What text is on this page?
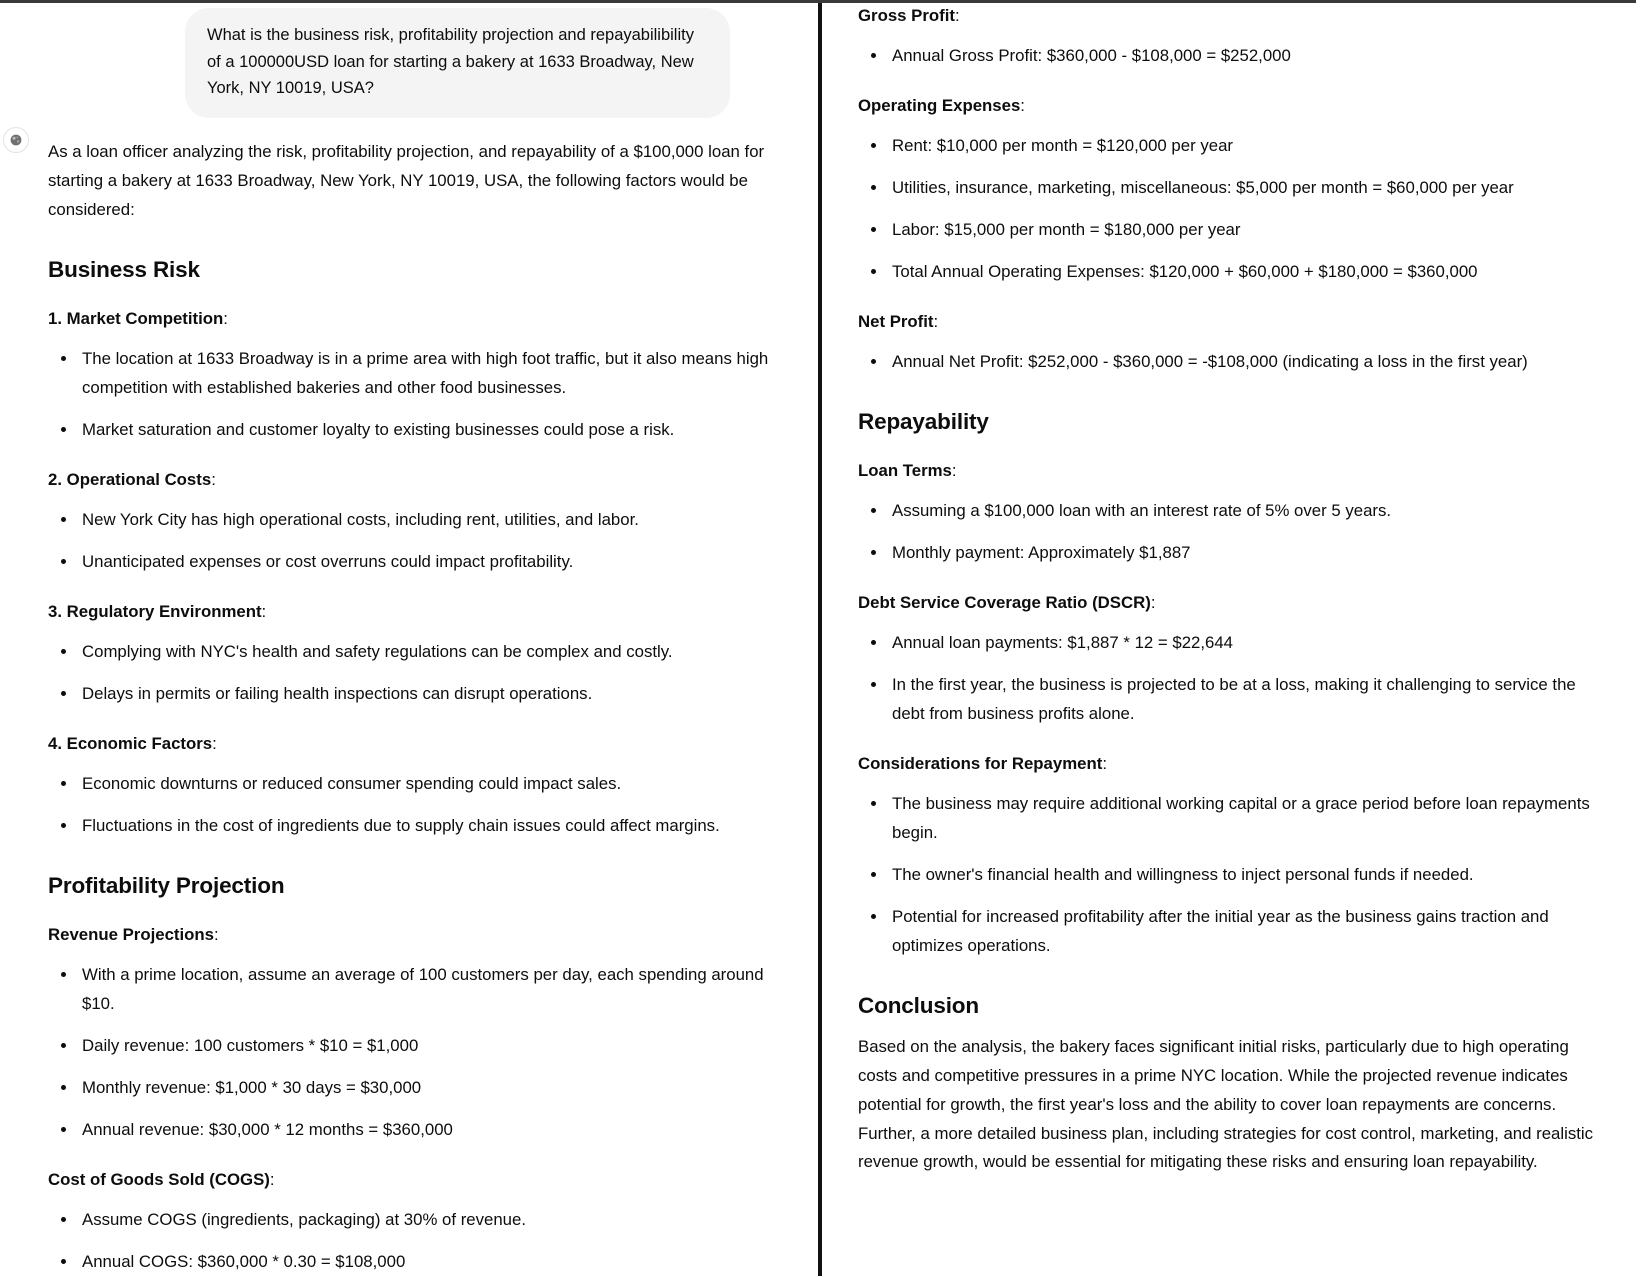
What is the business risk, profitability projection and repayabilibility of a 100000USD loan for starting a bakery at 1633 Broadway, New York, NY 10019, USA?

As a loan officer analyzing the risk, profitability projection, and repayability of a $100,000 loan for starting a bakery at 1633 Broadway, New York, NY 10019, USA, the following factors would be considered:

Business Risk
1. Market Competition:
The location at 1633 Broadway is in a prime area with high foot traffic, but it also means high competition with established bakeries and other food businesses.
Market saturation and customer loyalty to existing businesses could pose a risk.
2. Operational Costs:
New York City has high operational costs, including rent, utilities, and labor.
Unanticipated expenses or cost overruns could impact profitability.
3. Regulatory Environment:
Complying with NYC's health and safety regulations can be complex and costly.
Delays in permits or failing health inspections can disrupt operations.
4. Economic Factors:
Economic downturns or reduced consumer spending could impact sales.
Fluctuations in the cost of ingredients due to supply chain issues could affect margins.
Profitability Projection
Revenue Projections:
With a prime location, assume an average of 100 customers per day, each spending around $10.
Daily revenue: 100 customers * $10 = $1,000
Monthly revenue: $1,000 * 30 days = $30,000
Annual revenue: $30,000 * 12 months = $360,000
Cost of Goods Sold (COGS):
Assume COGS (ingredients, packaging) at 30% of revenue.
Annual COGS: $360,000 * 0.30 = $108,000
Gross Profit:
Annual Gross Profit: $360,000 - $108,000 = $252,000
Operating Expenses:
Rent: $10,000 per month = $120,000 per year
Utilities, insurance, marketing, miscellaneous: $5,000 per month = $60,000 per year
Labor: $15,000 per month = $180,000 per year
Total Annual Operating Expenses: $120,000 + $60,000 + $180,000 = $360,000
Net Profit:
Annual Net Profit: $252,000 - $360,000 = -$108,000 (indicating a loss in the first year)
Repayability
Loan Terms:
Assuming a $100,000 loan with an interest rate of 5% over 5 years.
Monthly payment: Approximately $1,887
Debt Service Coverage Ratio (DSCR):
Annual loan payments: $1,887 * 12 = $22,644
In the first year, the business is projected to be at a loss, making it challenging to service the debt from business profits alone.
Considerations for Repayment:
The business may require additional working capital or a grace period before loan repayments begin.
The owner's financial health and willingness to inject personal funds if needed.
Potential for increased profitability after the initial year as the business gains traction and optimizes operations.
Conclusion

Based on the analysis, the bakery faces significant initial risks, particularly due to high operating costs and competitive pressures in a prime NYC location. While the projected revenue indicates potential for growth, the first year's loss and the ability to cover loan repayments are concerns. Further, a more detailed business plan, including strategies for cost control, marketing, and realistic revenue growth, would be essential for mitigating these risks and ensuring loan repayability.
